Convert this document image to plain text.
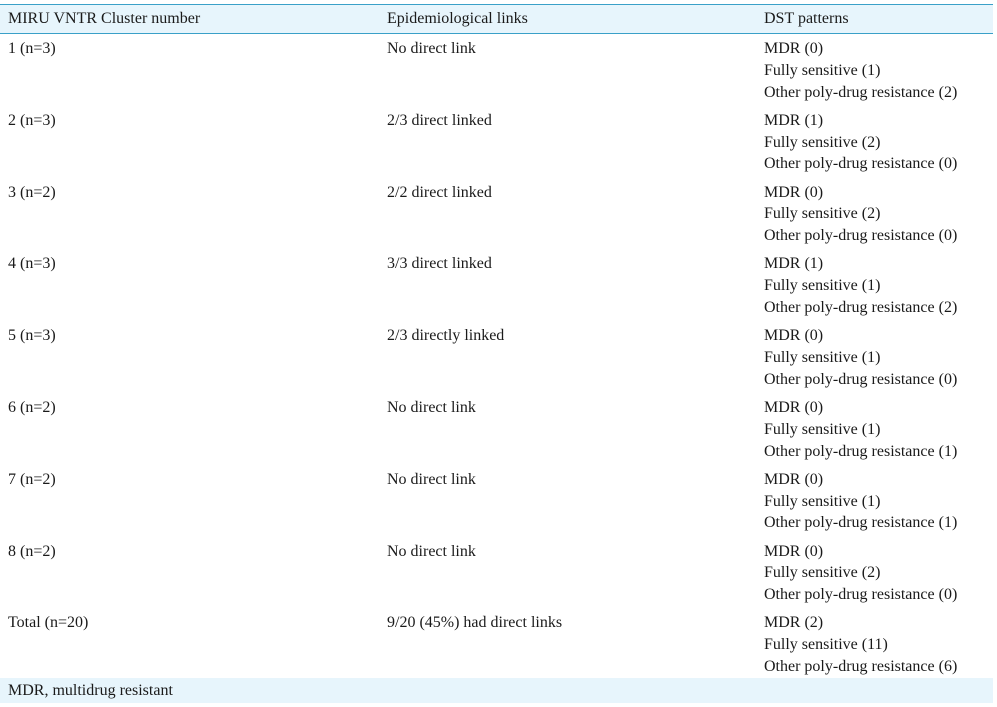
MIRU VNTR Cluster number	Epidemiological links	DST patterns
1 (n=3)	No direct link	MDR (0)
Fully sensitive (1)
Other poly-drug resistance (2)
2 (n=3)	2/3 direct linked	MDR (1)
Fully sensitive (2)
Other poly-drug resistance (0)
3 (n=2)	2/2 direct linked	MDR (0)
Fully sensitive (2)
Other poly-drug resistance (0)
4 (n=3)	3/3 direct linked	MDR (1)
Fully sensitive (1)
Other poly-drug resistance (2)
5 (n=3)	2/3 directly linked	MDR (0)
Fully sensitive (1)
Other poly-drug resistance (0)
6 (n=2)	No direct link	MDR (0)
Fully sensitive (1)
Other poly-drug resistance (1)
7 (n=2)	No direct link	MDR (0)
Fully sensitive (1)
Other poly-drug resistance (1)
8 (n=2)	No direct link	MDR (0)
Fully sensitive (2)
Other poly-drug resistance (0)
Total (n=20)	9/20 (45%) had direct links	MDR (2)
Fully sensitive (11)
Other poly-drug resistance (6)
MDR, multidrug resistant
